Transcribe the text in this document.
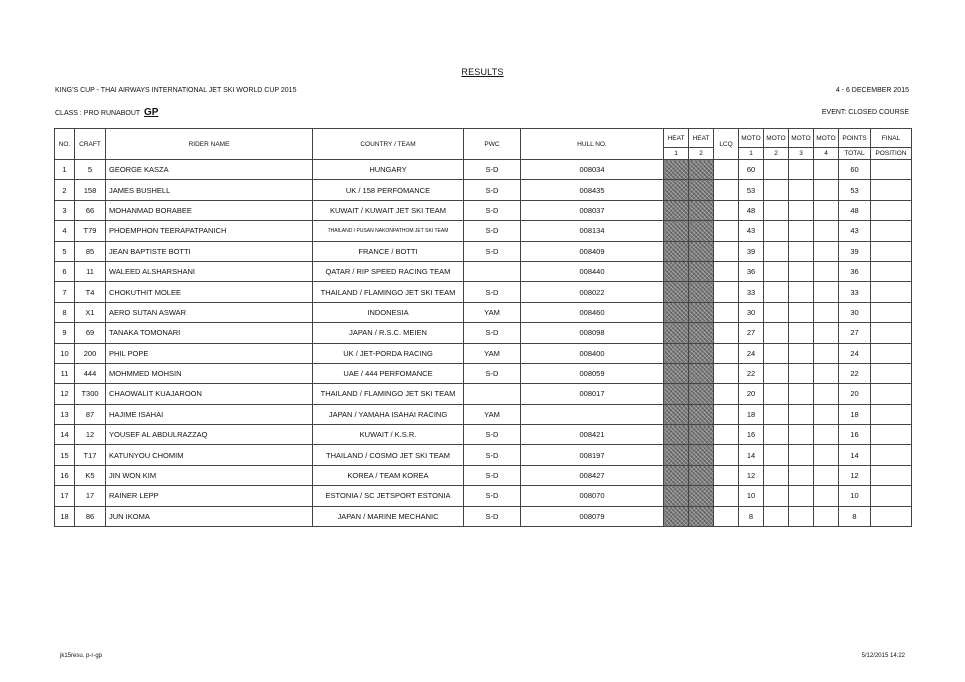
RESULTS
KING'S CUP - THAI AIRWAYS INTERNATIONAL JET SKI WORLD CUP 2015	4 - 6 DECEMBER 2015
CLASS : PRO RUNABOUT GP	EVENT: CLOSED COURSE
NO.	CRAFT	RIDER NAME	COUNTRY / TEAM	PWC	HULL NO.	HEAT	HEAT	LCQ	MOTO	MOTO	MOTO	MOTO	POINTS	FINAL
						1	2		1	2	3	4	TOTAL	POSITION
1	5	GEORGE KASZA	HUNGARY	S-D	008034				60				60	
2	158	JAMES BUSHELL	UK / 158 PERFOMANCE	S-D	008435				53				53	
3	66	MOHANMAD BORABEE	KUWAIT / KUWAIT JET SKI TEAM	S-D	008037				48				48	
4	T79	PHOEMPHON TEERAPATPANICH	THAILAND / PUSAN NAKONPATHOM JET SKI TEAM	S-D	008134				43				43	
5	85	JEAN BAPTISTE BOTTI	FRANCE / BOTTI	S-D	008409				39				39	
6	11	WALEED ALSHARSHANI	QATAR / RIP SPEED RACING TEAM		008440				36				36	
7	T4	CHOKUTHIT MOLEE	THAILAND / FLAMINGO JET SKI TEAM	S-D	008022				33				33	
8	X1	AERO SUTAN ASWAR	INDONESIA	YAM	008460				30				30	
9	69	TANAKA TOMONARI	JAPAN / R.S.C. MEIEN	S-D	008098				27				27	
10	200	PHIL POPE	UK / JET-PORDA RACING	YAM	008400				24				24	
11	444	MOHMMED MOHSIN	UAE / 444 PERFOMANCE	S-D	008059				22				22	
12	T300	CHAOWALIT KUAJAROON	THAILAND / FLAMINGO JET SKI TEAM		008017				20				20	
13	87	HAJIME ISAHAI	JAPAN / YAMAHA ISAHAI RACING	YAM					18				18	
14	12	YOUSEF AL ABDULRAZZAQ	KUWAIT / K.S.R.	S-D	008421				16				16	
15	T17	KATUNYOU CHOMIM	THAILAND / COSMO JET SKI TEAM	S-D	008197				14				14	
16	K5	JIN WON KIM	KOREA / TEAM KOREA	S-D	008427				12				12	
17	17	RAINER LEPP	ESTONIA / SC JETSPORT ESTONIA	S-D	008070				10				10	
18	86	JUN IKOMA	JAPAN / MARINE MECHANIC	S-D	008079				8				8	
jk15resu. p-r-gp	5/12/2015 14:22
